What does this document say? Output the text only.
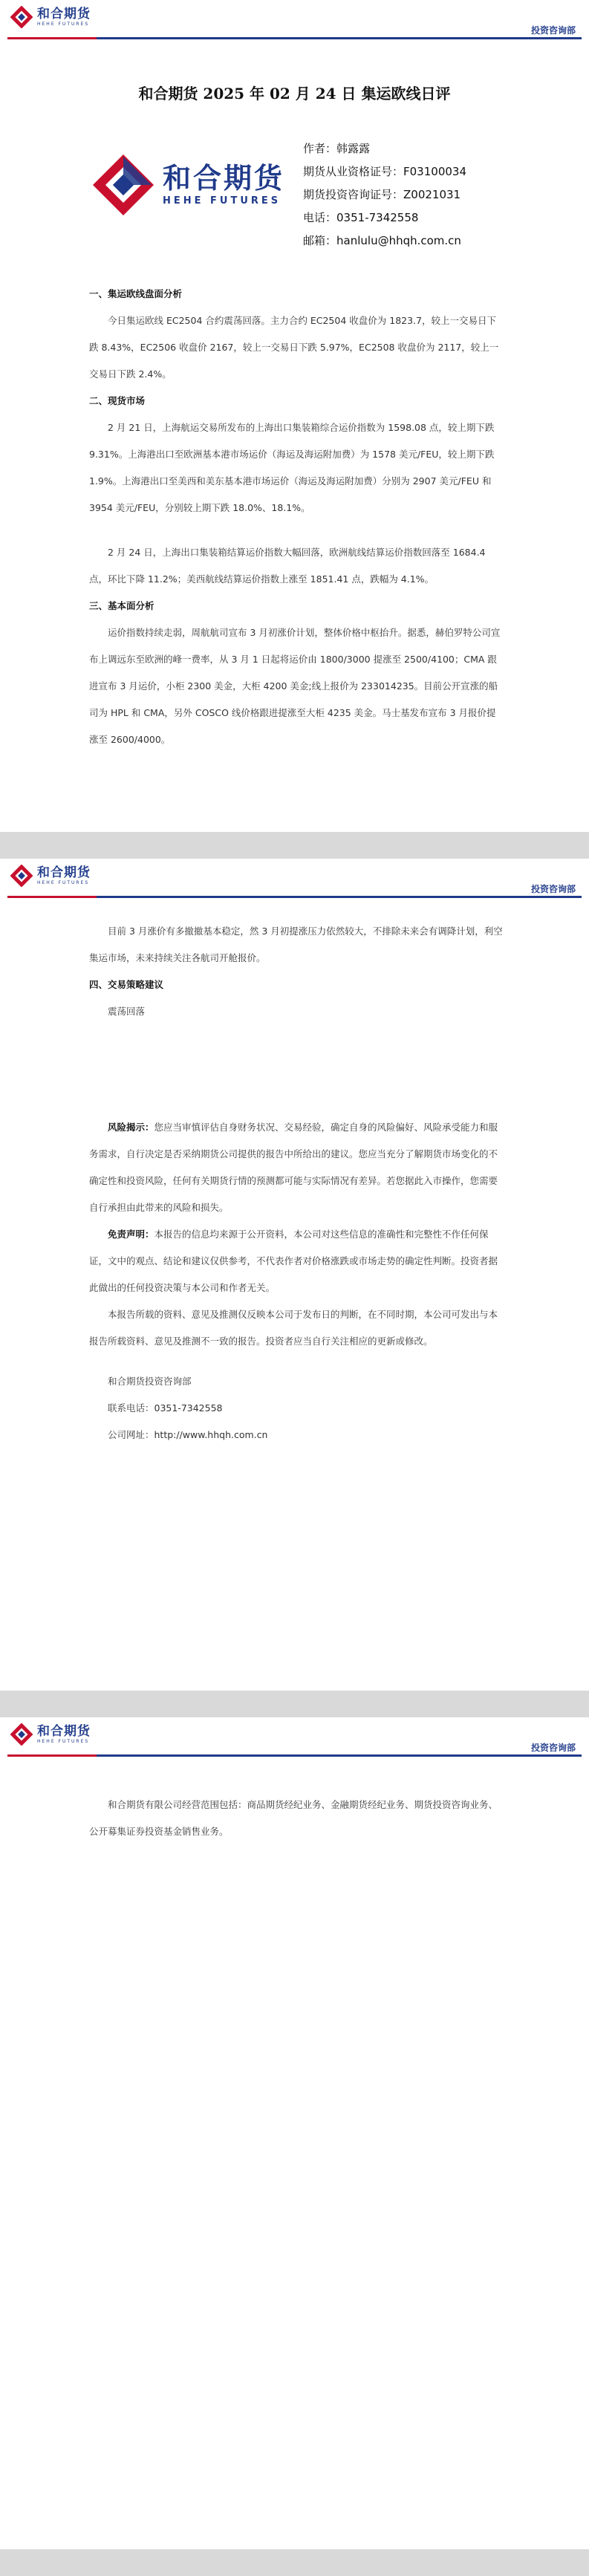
和合期货
HEHE FUTURES
投资咨询部
和合期货 2025 年 02 月 24 日 集运欧线日评
和合期货
HEHE FUTURES
作者：韩露露
期货从业资格证号：F03100034
期货投资咨询证号：Z0021031
电话：0351-7342558
邮箱：hanlulu@hhqh.com.cn
一、集运欧线盘面分析
今日集运欧线 EC2504 合约震荡回落。主力合约 EC2504 收盘价为 1823.7，较上一交易日下跌 8.43%，EC2506 收盘价 2167，较上一交易日下跌 5.97%，EC2508 收盘价为 2117，较上一交易日下跌 2.4%。
二、现货市场
2 月 21 日，上海航运交易所发布的上海出口集装箱综合运价指数为 1598.08 点，较上期下跌 9.31%。上海港出口至欧洲基本港市场运价（海运及海运附加费）为 1578 美元/FEU，较上期下跌 1.9%。上海港出口至美西和美东基本港市场运价（海运及海运附加费）分别为 2907 美元/FEU 和 3954 美元/FEU，分别较上期下跌 18.0%、18.1%。
2 月 24 日，上海出口集装箱结算运价指数大幅回落，欧洲航线结算运价指数回落至 1684.4 点，环比下降 11.2%；美西航线结算运价指数上涨至 1851.41 点，跌幅为 4.1%。
三、基本面分析
运价指数持续走弱，周航航司宣布 3 月初涨价计划，整体价格中枢抬升。据悉，赫伯罗特公司宣布上调远东至欧洲的峰一费率，从 3 月 1 日起将运价由 1800/3000 提涨至 2500/4100；CMA 跟进宣布 3 月运价，小柜 2300 美金，大柜 4200 美金;线上报价为 233014235。目前公开宣涨的船司为 HPL 和 CMA，另外 COSCO 线价格跟进提涨至大柜 4235 美金。马士基发布宣布 3 月报价提涨至 2600/4000。
和合期货
HEHE FUTURES
投资咨询部
目前 3 月涨价有多撤撤基本稳定，然 3 月初提涨压力依然较大，不排除未来会有调降计划，利空集运市场，未来持续关注各航司开舱报价。
四、交易策略建议
震荡回落
风险揭示：您应当审慎评估自身财务状况、交易经验，确定自身的风险偏好、风险承受能力和服务需求，自行决定是否采纳期货公司提供的报告中所给出的建议。您应当充分了解期货市场变化的不确定性和投资风险，任何有关期货行情的预测都可能与实际情况有差异。若您据此入市操作，您需要自行承担由此带来的风险和损失。
免责声明：本报告的信息均来源于公开资料，本公司对这些信息的准确性和完整性不作任何保证，文中的观点、结论和建议仅供参考，不代表作者对价格涨跌或市场走势的确定性判断。投资者据此做出的任何投资决策与本公司和作者无关。
本报告所载的资料、意见及推测仅反映本公司于发布日的判断，在不同时期，本公司可发出与本报告所载资料、意见及推测不一致的报告。投资者应当自行关注相应的更新或修改。
和合期货投资咨询部
联系电话：0351-7342558
公司网址：http://www.hhqh.com.cn
和合期货
HEHE FUTURES
投资咨询部
和合期货有限公司经营范围包括：商品期货经纪业务、金融期货经纪业务、期货投资咨询业务、公开募集证券投资基金销售业务。
